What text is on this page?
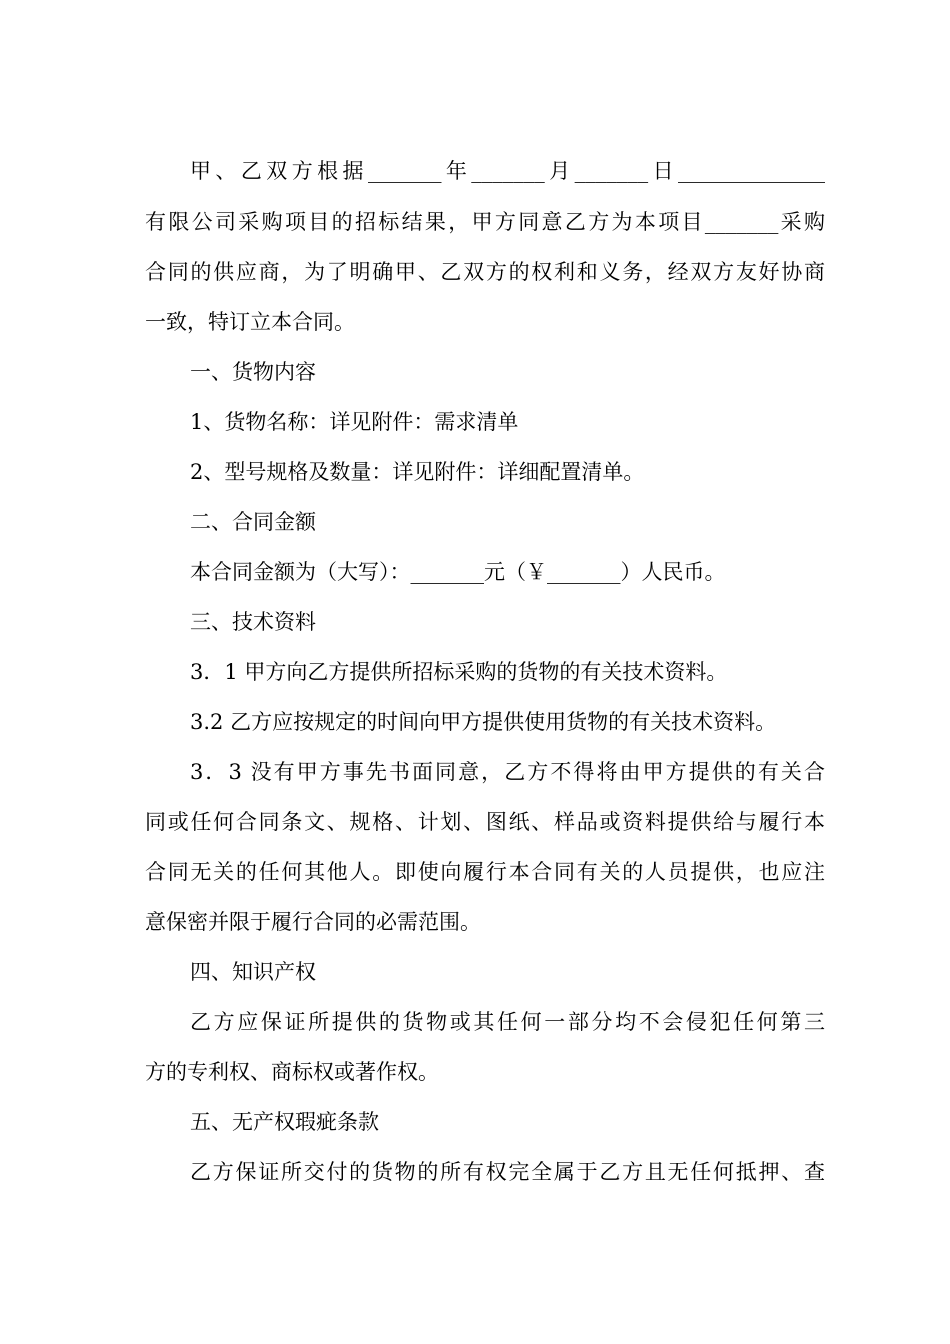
甲、乙双方根据_______年_______月_______日______________
有限公司采购项目的招标结果，甲方同意乙方为本项目_______采购
合同的供应商，为了明确甲、乙双方的权利和义务，经双方友好协商
一致，特订立本合同。
一、货物内容
1、货物名称：详见附件：需求清单
2、型号规格及数量：详见附件：详细配置清单。
二、合同金额
本合同金额为（大写）：_______元（￥_______）人民币。
三、技术资料
3．1 甲方向乙方提供所招标采购的货物的有关技术资料。
3.2 乙方应按规定的时间向甲方提供使用货物的有关技术资料。
3．3 没有甲方事先书面同意，乙方不得将由甲方提供的有关合
同或任何合同条文、规格、计划、图纸、样品或资料提供给与履行本
合同无关的任何其他人。即使向履行本合同有关的人员提供，也应注
意保密并限于履行合同的必需范围。
四、知识产权
乙方应保证所提供的货物或其任何一部分均不会侵犯任何第三
方的专利权、商标权或著作权。
五、无产权瑕疵条款
乙方保证所交付的货物的所有权完全属于乙方且无任何抵押、查
